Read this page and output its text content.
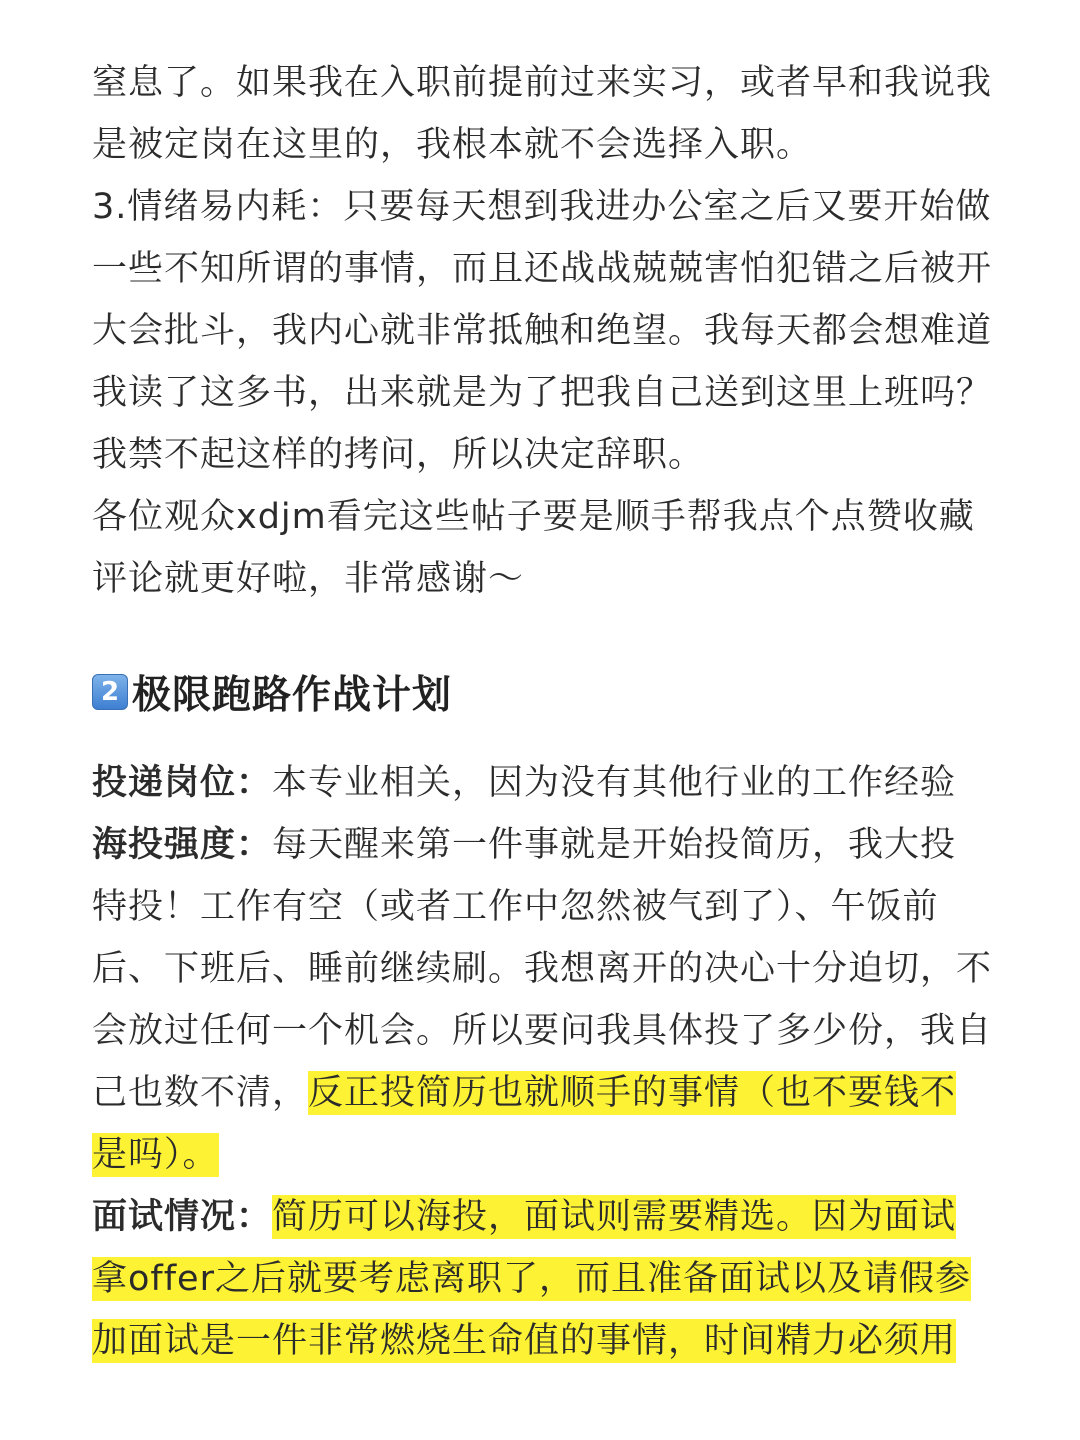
窒息了。如果我在入职前提前过来实习，或者早和我说我是被定岗在这里的，我根本就不会选择入职。

3.情绪易内耗：只要每天想到我进办公室之后又要开始做一些不知所谓的事情，而且还战战兢兢害怕犯错之后被开大会批斗，我内心就非常抵触和绝望。我每天都会想难道我读了这多书，出来就是为了把我自己送到这里上班吗？我禁不起这样的拷问，所以决定辞职。

各位观众xdjm看完这些帖子要是顺手帮我点个点赞收藏评论就更好啦，非常感谢～

2 极限跑路作战计划

投递岗位：本专业相关，因为没有其他行业的工作经验

海投强度：每天醒来第一件事就是开始投简历，我大投特投！工作有空（或者工作中忽然被气到了）、午饭前后、下班后、睡前继续刷。我想离开的决心十分迫切，不会放过任何一个机会。所以要问我具体投了多少份，我自己也数不清，反正投简历也就顺手的事情（也不要钱不是吗）。

面试情况：简历可以海投，面试则需要精选。因为面试拿offer之后就要考虑离职了，而且准备面试以及请假参加面试是一件非常燃烧生命值的事情，时间精力必须用
